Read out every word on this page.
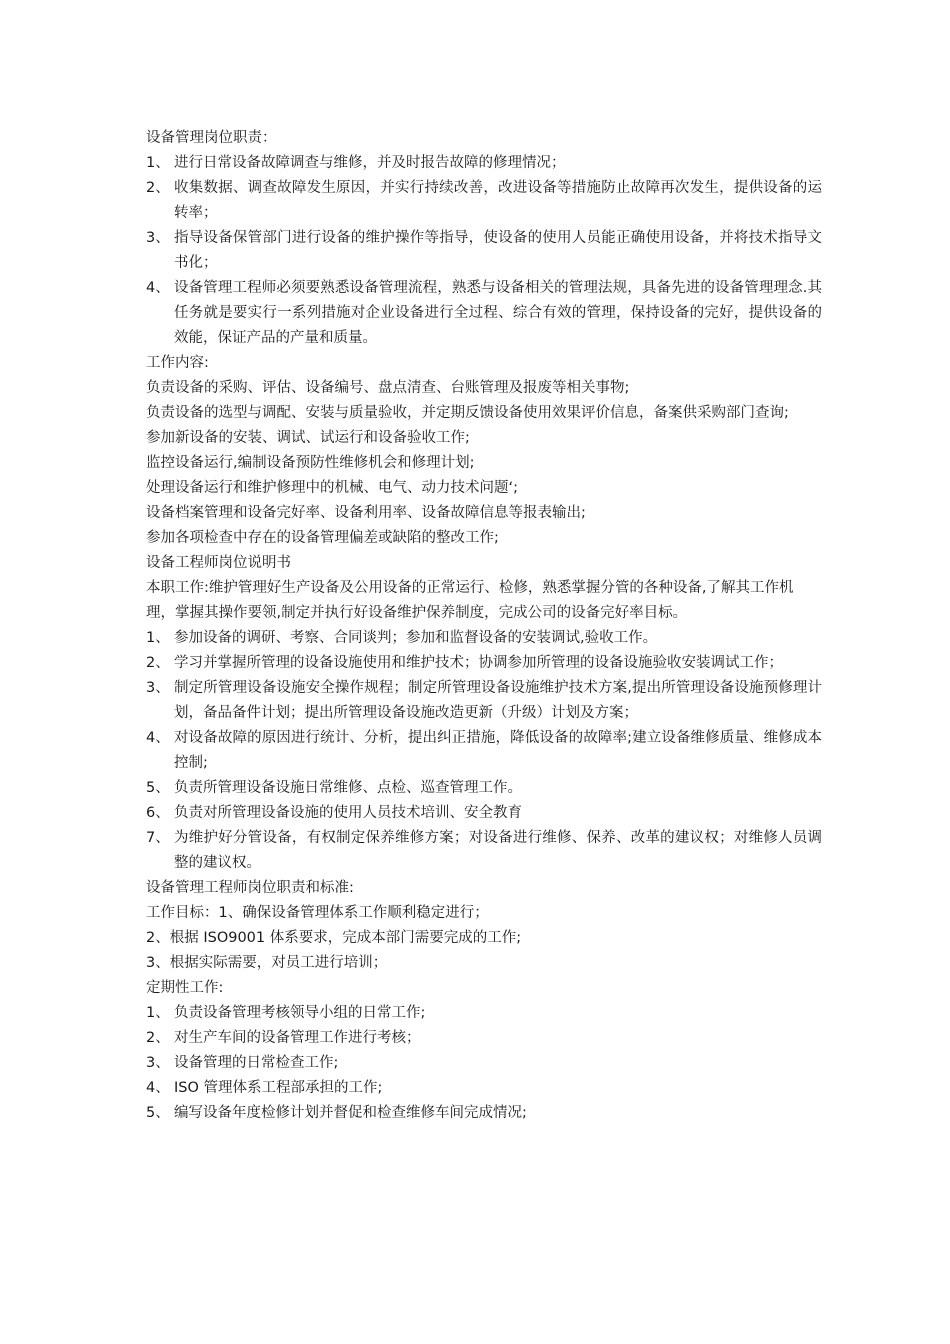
设备管理岗位职责：

1、 进行日常设备故障调查与维修，并及时报告故障的修理情况；
2、 收集数据、调查故障发生原因，并实行持续改善，改进设备等措施防止故障再次发生，提供设备的运转率；
3、 指导设备保管部门进行设备的维护操作等指导，使设备的使用人员能正确使用设备，并将技术指导文书化；
4、 设备管理工程师必须要熟悉设备管理流程，熟悉与设备相关的管理法规，具备先进的设备管理理念.其任务就是要实行一系列措施对企业设备进行全过程、综合有效的管理，保持设备的完好，提供设备的效能，保证产品的产量和质量。

工作内容:

负责设备的采购、评估、设备编号、盘点清查、台账管理及报废等相关事物;

负责设备的选型与调配、安装与质量验收，并定期反馈设备使用效果评价信息，备案供采购部门查询;

参加新设备的安装、调试、试运行和设备验收工作;

监控设备运行,编制设备预防性维修机会和修理计划;

处理设备运行和维护修理中的机械、电气、动力技术问题‘;

设备档案管理和设备完好率、设备利用率、设备故障信息等报表输出;

参加各项检查中存在的设备管理偏差或缺陷的整改工作;

设备工程师岗位说明书

本职工作:维护管理好生产设备及公用设备的正常运行、检修，熟悉掌握分管的各种设备,了解其工作机理，掌握其操作要领,制定并执行好设备维护保养制度，完成公司的设备完好率目标。

1、 参加设备的调研、考察、合同谈判；参加和监督设备的安装调试,验收工作。
2、 学习并掌握所管理的设备设施使用和维护技术；协调参加所管理的设备设施验收安装调试工作；
3、 制定所管理设备设施安全操作规程；制定所管理设备设施维护技术方案,提出所管理设备设施预修理计划，备品备件计划；提出所管理设备设施改造更新（升级）计划及方案；
4、 对设备故障的原因进行统计、分析，提出纠正措施，降低设备的故障率;建立设备维修质量、维修成本控制;
5、 负责所管理设备设施日常维修、点检、巡查管理工作。
6、 负责对所管理设备设施的使用人员技术培训、安全教育
7、 为维护好分管设备，有权制定保养维修方案；对设备进行维修、保养、改革的建议权；对维修人员调整的建议权。

设备管理工程师岗位职责和标准:

工作目标：1、确保设备管理体系工作顺利稳定进行；

2、根据 ISO9001 体系要求，完成本部门需要完成的工作;

3、根据实际需要，对员工进行培训；

定期性工作:

1、 负责设备管理考核领导小组的日常工作;
2、 对生产车间的设备管理工作进行考核；
3、 设备管理的日常检查工作;
4、 ISO 管理体系工程部承担的工作;
5、 编写设备年度检修计划并督促和检查维修车间完成情况;
